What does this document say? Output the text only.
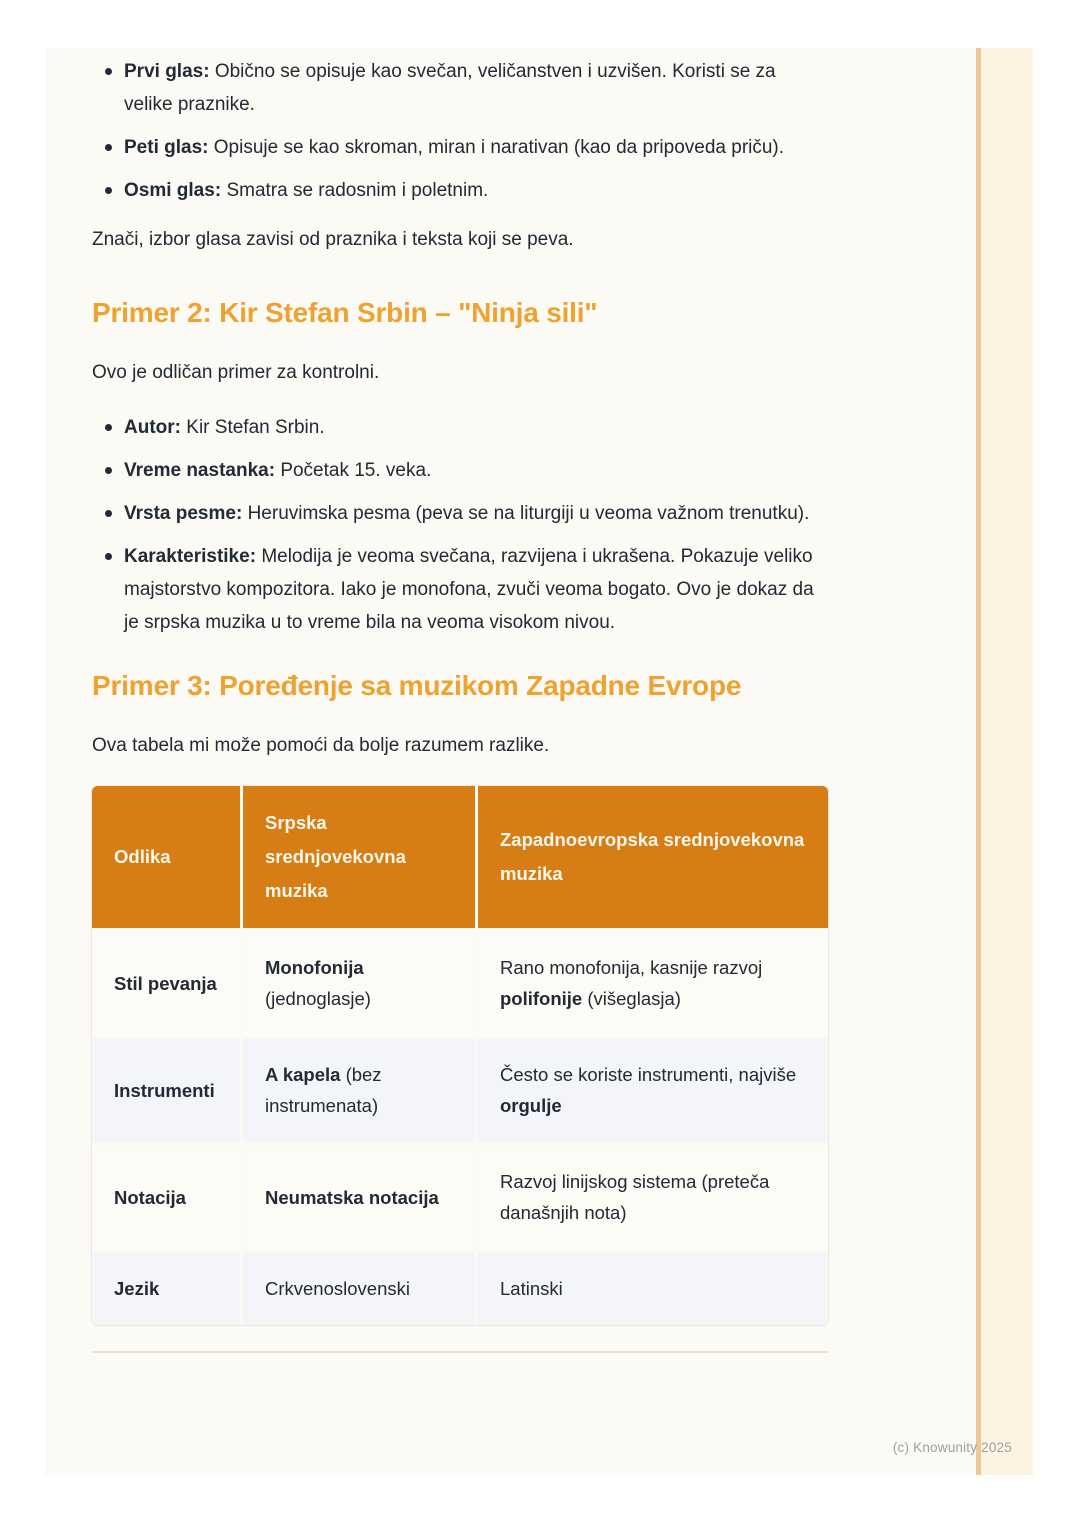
Prvi glas: Obično se opisuje kao svečan, veličanstven i uzvišen. Koristi se za velike praznike.
Peti glas: Opisuje se kao skroman, miran i narativan (kao da pripoveda priču).
Osmi glas: Smatra se radosnim i poletnim.

Znači, izbor glasa zavisi od praznika i teksta koji se peva.

Primer 2: Kir Stefan Srbin – "Ninja sili"

Ovo je odličan primer za kontrolni.

Autor: Kir Stefan Srbin.
Vreme nastanka: Početak 15. veka.
Vrsta pesme: Heruvimska pesma (peva se na liturgiji u veoma važnom trenutku).
Karakteristike: Melodija je veoma svečana, razvijena i ukrašena. Pokazuje veliko majstorstvo kompozitora. Iako je monofona, zvuči veoma bogato. Ovo je dokaz da je srpska muzika u to vreme bila na veoma visokom nivou.
Primer 3: Poređenje sa muzikom Zapadne Evrope

Ova tabela mi može pomoći da bolje razumem razlike.

Odlika	Srpska srednjovekovna muzika	Zapadnoevropska srednjovekovna muzika
Stil pevanja	Monofonija (jednoglasje)	Rano monofonija, kasnije razvoj polifonije (višeglasja)
Instrumenti	A kapela (bez instrumenata)	Često se koriste instrumenti, najviše orgulje
Notacija	Neumatska notacija	Razvoj linijskog sistema (preteča današnjih nota)
Jezik	Crkvenoslovenski	Latinski
(c) Knowunity 2025
